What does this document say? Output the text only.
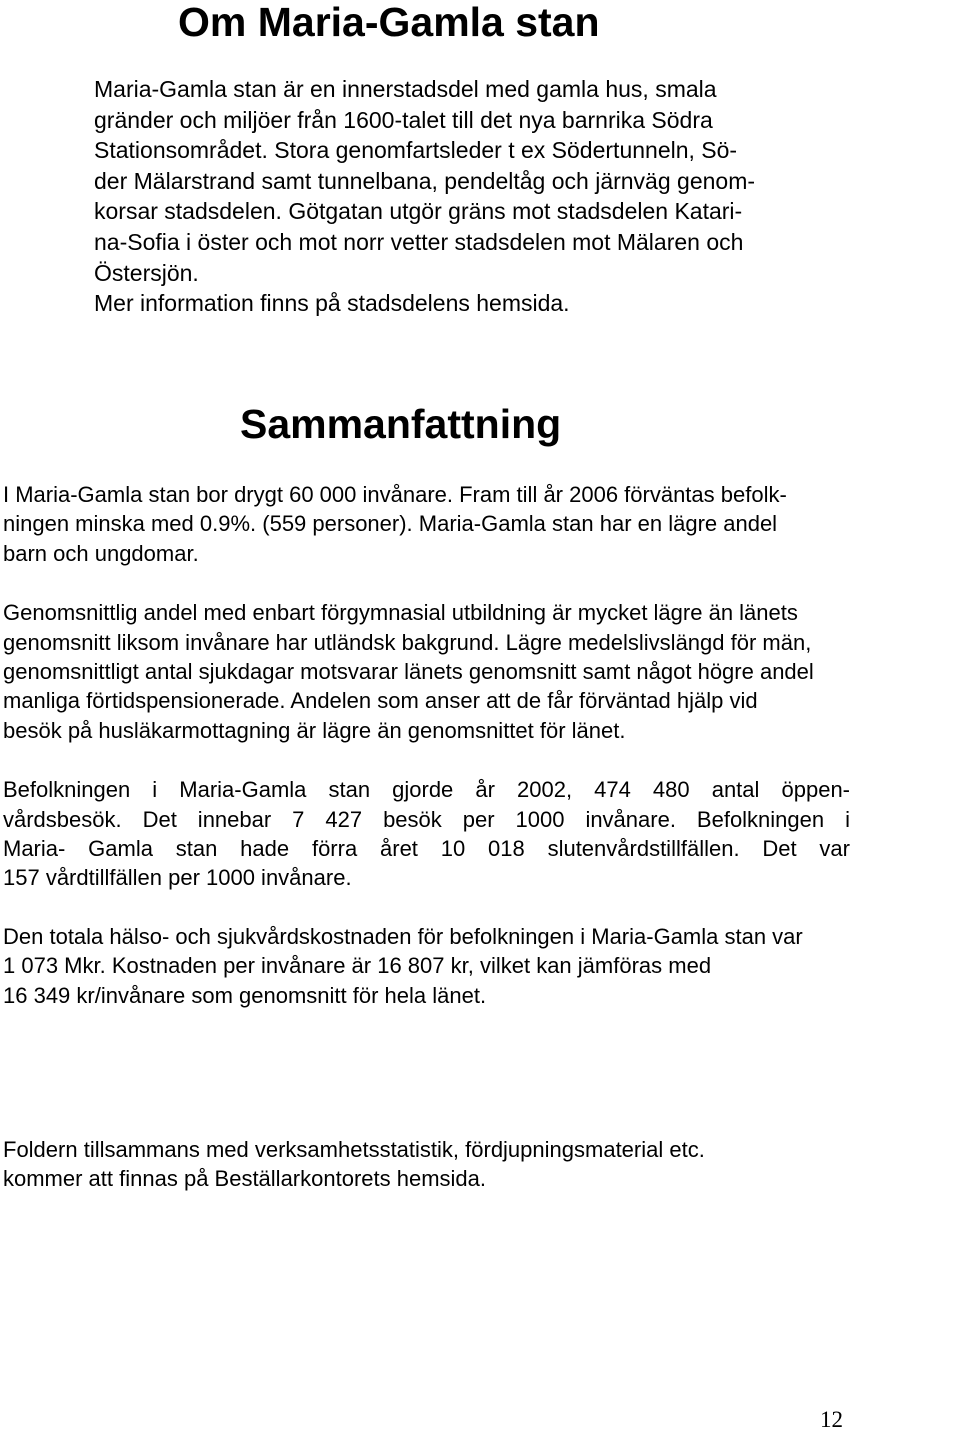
Om Maria-Gamla stan
Maria-Gamla stan är en innerstadsdel med gamla hus, smala
gränder och miljöer från 1600-talet till det nya barnrika Södra
Stationsområdet. Stora genomfartsleder t ex Södertunneln, Sö-
der Mälarstrand samt tunnelbana, pendeltåg och järnväg genom-
korsar stadsdelen. Götgatan utgör gräns mot stadsdelen Katari-
na-Sofia i öster och mot norr vetter stadsdelen mot Mälaren och
Östersjön.
Mer information finns på stadsdelens hemsida.
Sammanfattning
I Maria-Gamla stan bor drygt 60 000 invånare. Fram till år 2006 förväntas befolk-
ningen minska med 0.9%. (559 personer). Maria-Gamla stan har en lägre andel
barn och ungdomar.
Genomsnittlig andel med enbart förgymnasial utbildning är mycket lägre än länets
genomsnitt liksom invånare har utländsk bakgrund. Lägre medelslivslängd för män,
genomsnittligt antal sjukdagar motsvarar länets genomsnitt samt något högre andel
manliga förtidspensionerade. Andelen som anser att de får förväntad hjälp vid
besök på husläkarmottagning är lägre än genomsnittet för länet.
Befolkningen i Maria-Gamla stan gjorde år 2002, 474 480 antal öppen-
vårdsbesök. Det innebar 7 427 besök per 1000 invånare. Befolkningen i
Maria- Gamla stan hade förra året 10 018 slutenvårdstillfällen. Det var
157 vårdtillfällen per 1000 invånare.
Den totala hälso- och sjukvårdskostnaden för befolkningen i Maria-Gamla stan var
1 073 Mkr. Kostnaden per invånare är 16 807 kr, vilket kan jämföras med
16 349 kr/invånare som genomsnitt för hela länet.
Foldern tillsammans med verksamhetsstatistik, fördjupningsmaterial etc.
kommer att finnas på Beställarkontorets hemsida.
12
